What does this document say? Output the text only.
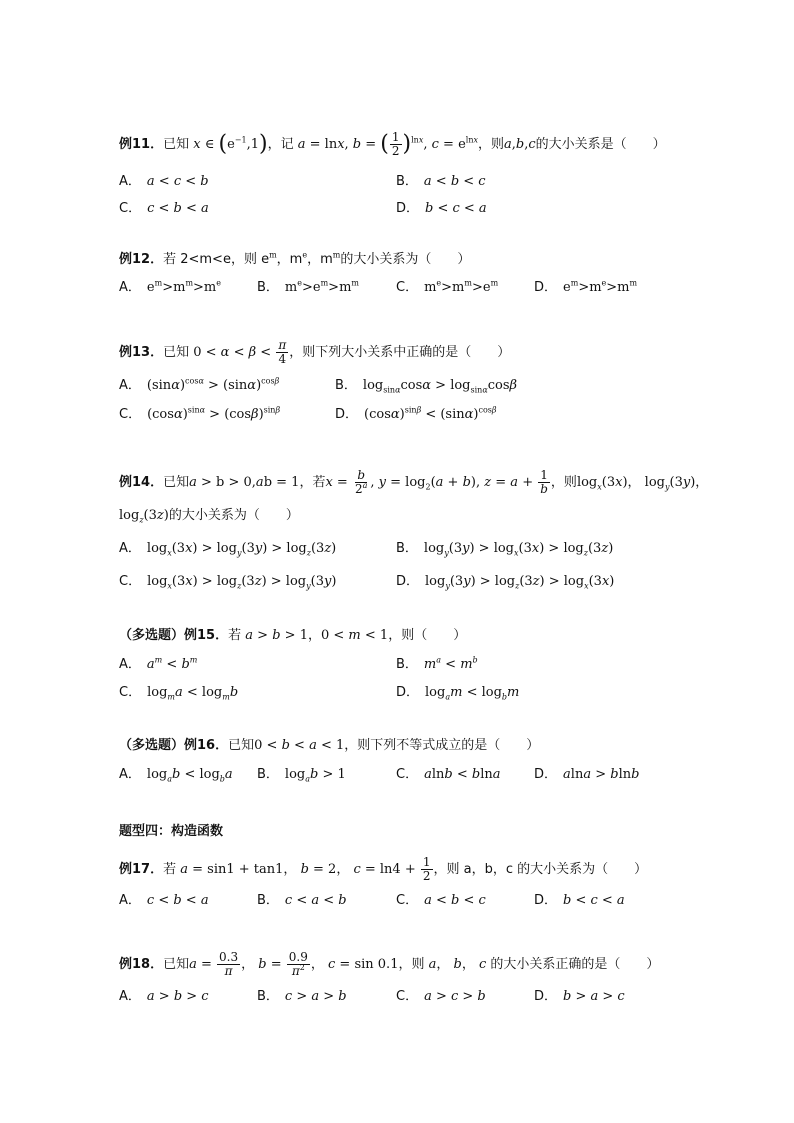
例11．已知 x ∈ $(e^{-1},1)$，记 a = lnx, b = ( $\frac{1}{2} )^{lnx}$, $c = e^{lnx}$，则a,b,c的大小关系是（　　）
A． a < c < b	B． a < b < c
C． c < b < a	D． b < c < a
例12．若 2<m<e，则 $e^m$，$m^e$，$m^m$的大小关系为（　　）
A． $e^m>m^m>m^e$	B． $m^e>e^m>m^m$	C． $m^e>m^m>e^m$	D． $e^m>m^e>m^m$
例13．已知 $0 < \alpha < \beta < \frac{\pi}{4}$ ，则下列大小关系中正确的是（　　）
A． $(\sin\alpha)^{cos\alpha} > (\sin\alpha)^{cos\beta}$	B． $\log_{sin\alpha}\cos\alpha > \log_{sin\alpha}\cos\beta$
C． $(\cos\alpha)^{sin\alpha} > (\cos\beta)^{sin\beta}$	D． $(\cos\alpha)^{sin\beta} < (\sin\alpha)^{cos\beta}$
例14．已知a > b > 0,ab = 1，若$x = \frac{b}{2^a}$ , $y = \log_2(a + b)$, $z = a + \frac{1}{b}$ ，则$\log_x(3x)$， $\log_y(3y)$，
$\log_z(3z)$的大小关系为（　　）
A． $\log_x(3x) > \log_y(3y) > \log_z(3z)$	B． $\log_y(3y) > \log_x(3x) > \log_z(3z)$
C． $\log_x(3x) > \log_z(3z) > \log_y(3y)$	D． $\log_y(3y) > \log_z(3z) > \log_x(3x)$
（多选题）例15．若 a > b > 1，0 < m < 1，则（　　）
A． $a^m < b^m$	B． $m^a < m^b$
C． $\log_ma < \log_mb$	D． $\log_am < \log_bm$
（多选题）例16．已知0 < b < a < 1，则下列不等式成立的是（　　）
A． $\log_ab < \log_ba$ B． $\log_ab > 1$	C． alnb < blna	D． alna > blnb
题型四：构造函数
例17．若 a = sin1 + tan1， b = 2， $c = \ln 4 + \frac{1}{2}$ ，则 a，b，c 的大小关系为（　　）
A． c < b < a	B． c < a < b	C． a < b < c	D． b < c < a
例18．已知$a = \frac{0.3}{\pi}$ ， $b = \frac{0.9}{\pi^2}$ ， c = sin 0.1，则 a， b， c 的大小关系正确的是（　　）
A． a > b > c	B． c > a > b	C． a > c > b	D． b > a > c
